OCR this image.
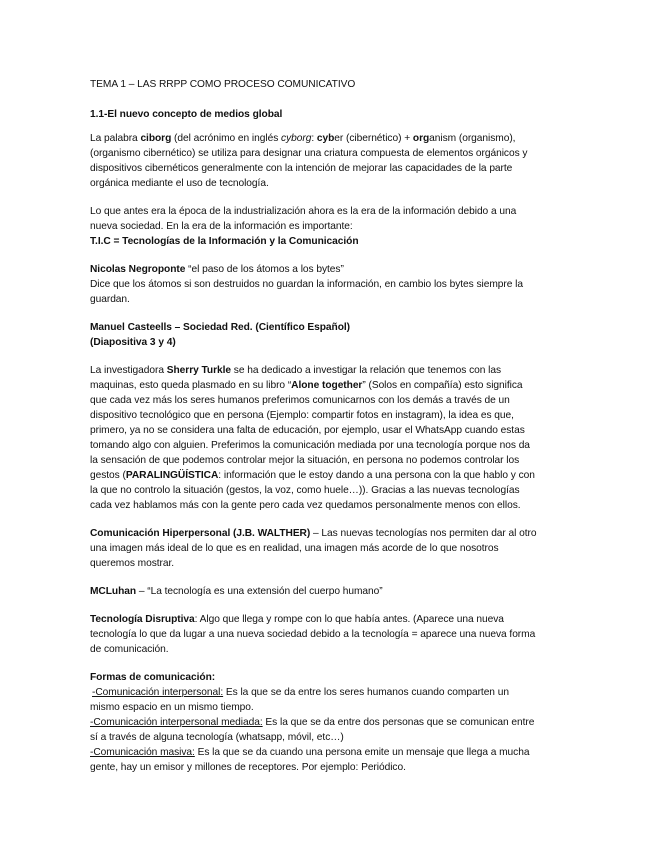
TEMA 1 – LAS RRPP COMO PROCESO COMUNICATIVO
1.1-El nuevo concepto de medios global
La palabra ciborg (del acrónimo en inglés cyborg: cyber (cibernético) + organism (organismo),
(organismo cibernético) se utiliza para designar una criatura compuesta de elementos orgánicos y
dispositivos cibernéticos generalmente con la intención de mejorar las capacidades de la parte
orgánica mediante el uso de tecnología.
Lo que antes era la época de la industrialización ahora es la era de la información debido a una
nueva sociedad. En la era de la información es importante:
T.I.C = Tecnologías de la Información y la Comunicación
Nicolas Negroponte “el paso de los átomos a los bytes”
Dice que los átomos si son destruidos no guardan la información, en cambio los bytes siempre la
guardan.
Manuel Casteells – Sociedad Red. (Científico Español)
(Diapositiva 3 y 4)
La investigadora Sherry Turkle se ha dedicado a investigar la relación que tenemos con las
maquinas, esto queda plasmado en su libro “Alone together” (Solos en compañía) esto significa
que cada vez más los seres humanos preferimos comunicarnos con los demás a través de un
dispositivo tecnológico que en persona (Ejemplo: compartir fotos en instagram), la idea es que,
primero, ya no se considera una falta de educación, por ejemplo, usar el WhatsApp cuando estas
tomando algo con alguien. Preferimos la comunicación mediada por una tecnología porque nos da
la sensación de que podemos controlar mejor la situación, en persona no podemos controlar los
gestos (PARALINGÜÍSTICA: información que le estoy dando a una persona con la que hablo y con
la que no controlo la situación (gestos, la voz, como huele…)). Gracias a las nuevas tecnologías
cada vez hablamos más con la gente pero cada vez quedamos personalmente menos con ellos.
Comunicación Hiperpersonal (J.B. WALTHER) – Las nuevas tecnologías nos permiten dar al otro
una imagen más ideal de lo que es en realidad, una imagen más acorde de lo que nosotros
queremos mostrar.
MCLuhan – “La tecnología es una extensión del cuerpo humano”
Tecnología Disruptiva: Algo que llega y rompe con lo que había antes. (Aparece una nueva
tecnología lo que da lugar a una nueva sociedad debido a la tecnología = aparece una nueva forma
de comunicación.
Formas de comunicación:
-Comunicación interpersonal: Es la que se da entre los seres humanos cuando comparten un
mismo espacio en un mismo tiempo.
-Comunicación interpersonal mediada: Es la que se da entre dos personas que se comunican entre
sí a través de alguna tecnología (whatsapp, móvil, etc…)
-Comunicación masiva: Es la que se da cuando una persona emite un mensaje que llega a mucha
gente, hay un emisor y millones de receptores. Por ejemplo: Periódico.
